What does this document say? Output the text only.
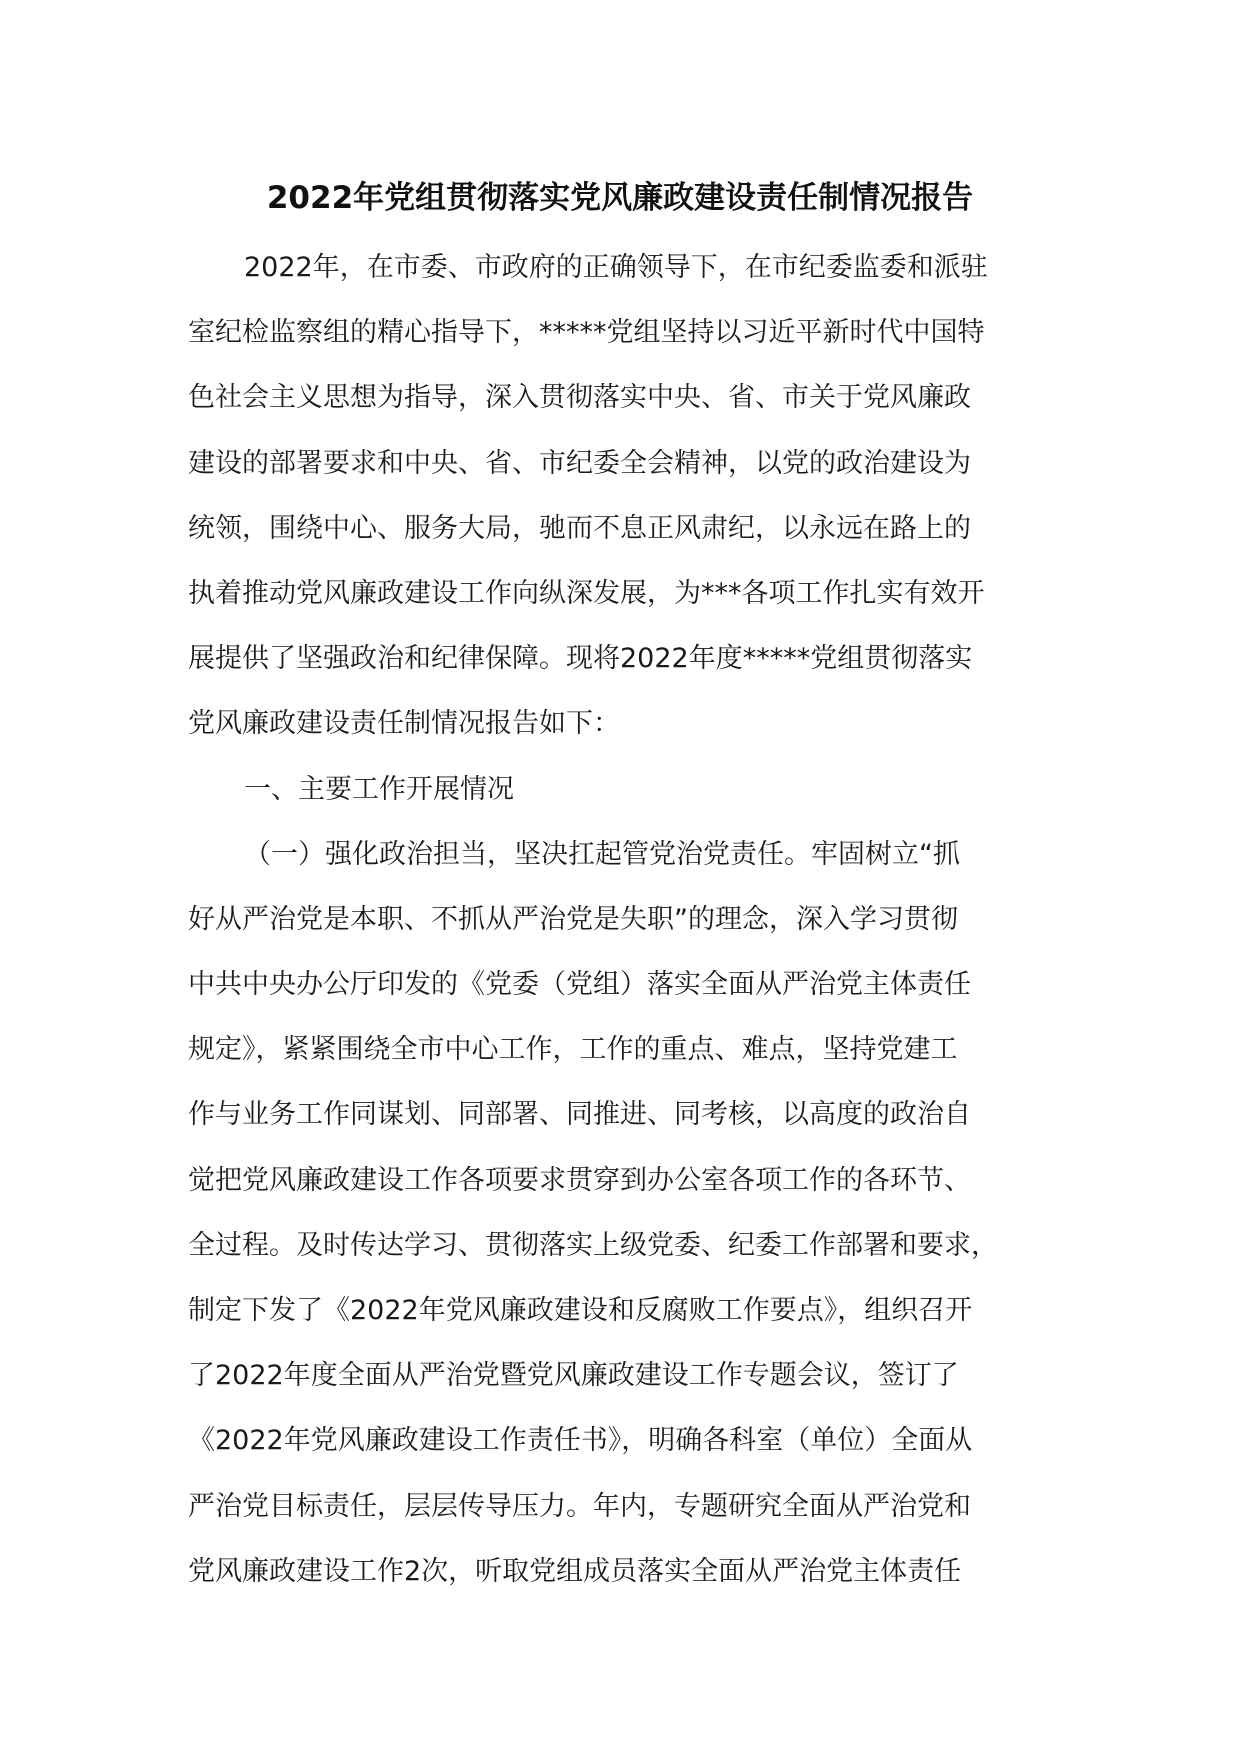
2022年党组贯彻落实党风廉政建设责任制情况报告
2022年，在市委、市政府的正确领导下，在市纪委监委和派驻
室纪检监察组的精心指导下，*****党组坚持以习近平新时代中国特
色社会主义思想为指导，深入贯彻落实中央、省、市关于党风廉政
建设的部署要求和中央、省、市纪委全会精神，以党的政治建设为
统领，围绕中心、服务大局，驰而不息正风肃纪，以永远在路上的
执着推动党风廉政建设工作向纵深发展，为***各项工作扎实有效开
展提供了坚强政治和纪律保障。现将2022年度*****党组贯彻落实
党风廉政建设责任制情况报告如下：
一、主要工作开展情况
（一）强化政治担当，坚决扛起管党治党责任。牢固树立“抓
好从严治党是本职、不抓从严治党是失职”的理念，深入学习贯彻
中共中央办公厅印发的《党委（党组）落实全面从严治党主体责任
规定》，紧紧围绕全市中心工作，工作的重点、难点，坚持党建工
作与业务工作同谋划、同部署、同推进、同考核，以高度的政治自
觉把党风廉政建设工作各项要求贯穿到办公室各项工作的各环节、
全过程。及时传达学习、贯彻落实上级党委、纪委工作部署和要求，
制定下发了《2022年党风廉政建设和反腐败工作要点》，组织召开
了2022年度全面从严治党暨党风廉政建设工作专题会议，签订了
《2022年党风廉政建设工作责任书》，明确各科室（单位）全面从
严治党目标责任，层层传导压力。年内，专题研究全面从严治党和
党风廉政建设工作2次，听取党组成员落实全面从严治党主体责任
